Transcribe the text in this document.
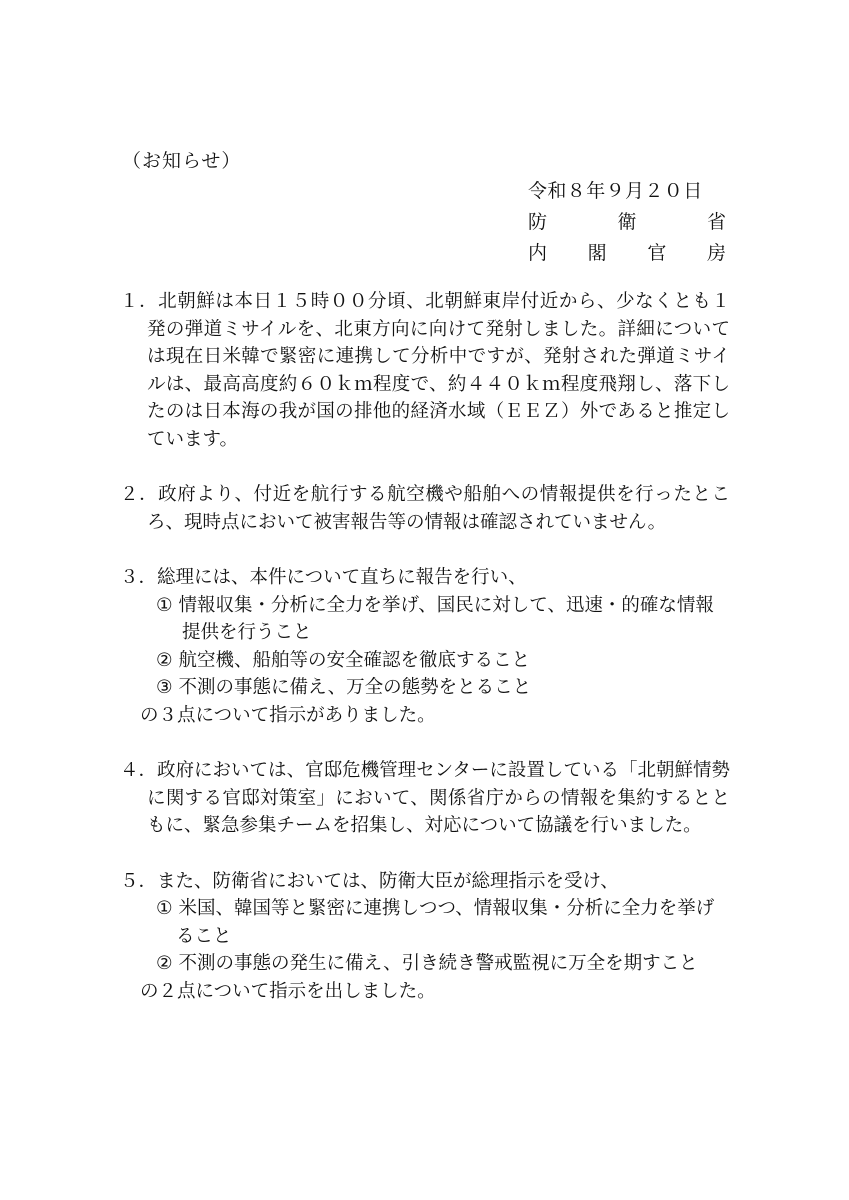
（お知らせ）
令和８年９月２０日
防	衛	省
内 閣 官 房

１．北朝鮮は本日１５時００分頃、北朝鮮東岸付近から、少なくとも１発の弾道ミサイルを、北東方向に向けて発射しました。詳細については現在日米韓で緊密に連携して分析中ですが、発射された弾道ミサイルは、最高高度約６０ｋｍ程度で、約４４０ｋｍ程度飛翔し、落下したのは日本海の我が国の排他的経済水域（ＥＥＺ）外であると推定しています。

２．政府より、付近を航行する航空機や船舶への情報提供を行ったところ、現時点において被害報告等の情報は確認されていません。

３．総理には、本件について直ちに報告を行い、

① 情報収集・分析に全力を挙げ、国民に対して、迅速・的確な情報提供を行うこと
② 航空機、船舶等の安全確認を徹底すること
③ 不測の事態に備え、万全の態勢をとること
の３点について指示がありました。

４．政府においては、官邸危機管理センターに設置している「北朝鮮情勢に関する官邸対策室」において、関係省庁からの情報を集約するとともに、緊急参集チームを招集し、対応について協議を行いました。

５．また、防衛省においては、防衛大臣が総理指示を受け、

① 米国、韓国等と緊密に連携しつつ、情報収集・分析に全力を挙げること
② 不測の事態の発生に備え、引き続き警戒監視に万全を期すこと
の２点について指示を出しました。
